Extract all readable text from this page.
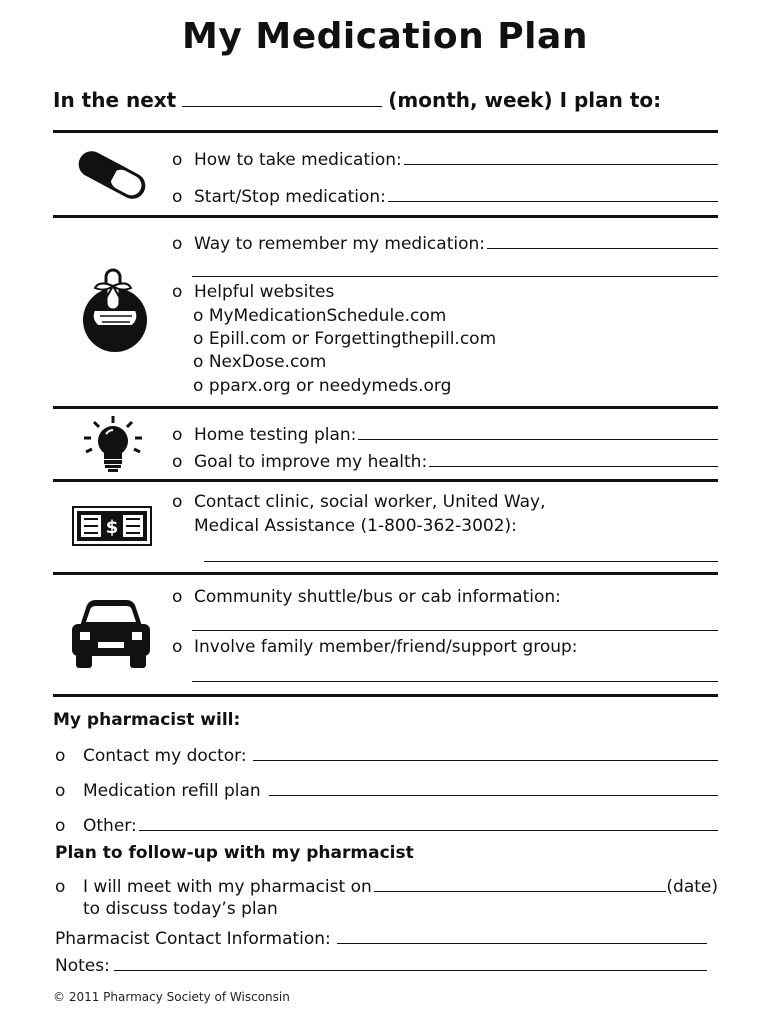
My Medication Plan
In the next	(month, week) I plan to:
o How to take medication:
o Start/Stop medication:
o Way to remember my medication:
o Helpful websites
o MyMedicationSchedule.com
o Epill.com or Forgettingthepill.com
o NexDose.com
o pparx.org or needymeds.org
o Home testing plan:
o Goal to improve my health:
$
o Contact clinic, social worker, United Way,
Medical Assistance (1-800-362-3002):
o Community shuttle/bus or cab information:
o Involve family member/friend/support group:
My pharmacist will:
o	Contact my doctor:
o	Medication refill plan
o	Other:
Plan to follow-up with my pharmacist
o	I will meet with my pharmacist on	(date)
to discuss today’s plan
Pharmacist Contact Information:
Notes:
© 2011 Pharmacy Society of Wisconsin
